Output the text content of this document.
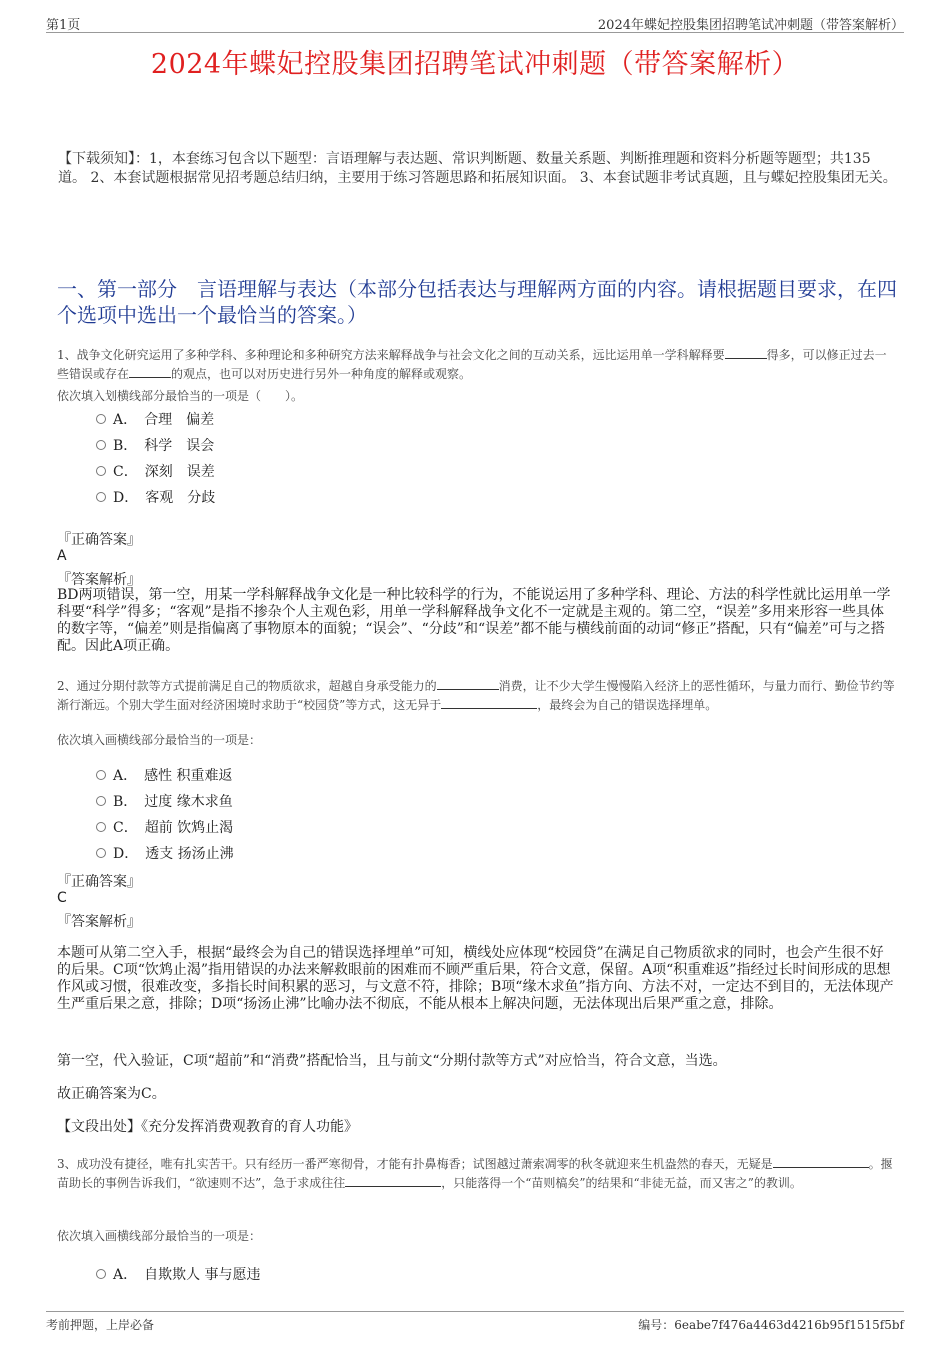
第1页	2024年蝶妃控股集团招聘笔试冲刺题（带答案解析）
2024年蝶妃控股集团招聘笔试冲刺题（带答案解析）
【下载须知】：1，本套练习包含以下题型：言语理解与表达题、常识判断题、数量关系题、判断推理题和资料分析题等题型；共135道。 2、本套试题根据常见招考题总结归纳，主要用于练习答题思路和拓展知识面。 3、本套试题非考试真题，且与蝶妃控股集团无关。
一、第一部分　言语理解与表达（本部分包括表达与理解两方面的内容。请根据题目要求，在四个选项中选出一个最恰当的答案。）
1、战争文化研究运用了多种学科、多种理论和多种研究方法来解释战争与社会文化之间的互动关系，远比运用单一学科解释要	得多，可以修正过去一些错误或存在	的观点，也可以对历史进行另外一种角度的解释或观察。
依次填入划横线部分最恰当的一项是（　　）。
A．　合理　偏差
B．　科学　误会
C．　深刻　误差
D．　客观　分歧
『正确答案』
A
『答案解析』
BD两项错误，第一空，用某一学科解释战争文化是一种比较科学的行为，不能说运用了多种学科、理论、方法的科学性就比运用单一学科要“科学”得多；“客观”是指不掺杂个人主观色彩，用单一学科解释战争文化不一定就是主观的。第二空，“误差”多用来形容一些具体的数字等，“偏差”则是指偏离了事物原本的面貌；“误会”、“分歧”和“误差”都不能与横线前面的动词“修正”搭配，只有“偏差”可与之搭配。因此A项正确。
2、通过分期付款等方式提前满足自己的物质欲求，超越自身承受能力的	消费，让不少大学生慢慢陷入经济上的恶性循环，与量力而行、勤俭节约等渐行渐远。个别大学生面对经济困境时求助于“校园贷”等方式，这无异于	，最终会为自己的错误选择埋单。
依次填入画横线部分最恰当的一项是：
A．　感性 积重难返
B．　过度 缘木求鱼
C．　超前 饮鸩止渴
D．　透支 扬汤止沸
『正确答案』
C
『答案解析』
本题可从第二空入手，根据“最终会为自己的错误选择埋单”可知，横线处应体现“校园贷”在满足自己物质欲求的同时，也会产生很不好的后果。C项“饮鸩止渴”指用错误的办法来解救眼前的困难而不顾严重后果，符合文意，保留。A项“积重难返”指经过长时间形成的思想作风或习惯，很难改变，多指长时间积累的恶习，与文意不符，排除；B项“缘木求鱼”指方向、方法不对，一定达不到目的，无法体现产生严重后果之意，排除；D项“扬汤止沸”比喻办法不彻底，不能从根本上解决问题，无法体现出后果严重之意，排除。
第一空，代入验证，C项“超前”和“消费”搭配恰当，且与前文“分期付款等方式”对应恰当，符合文意，当选。
故正确答案为C。
【文段出处】《充分发挥消费观教育的育人功能》
3、成功没有捷径，唯有扎实苦干。只有经历一番严寒彻骨，才能有扑鼻梅香；试图越过萧索凋零的秋冬就迎来生机盎然的春天，无疑是	。揠苗助长的事例告诉我们，“欲速则不达”，急于求成往往	，只能落得一个“苗则槁矣”的结果和“非徒无益，而又害之”的教训。
依次填入画横线部分最恰当的一项是：
A．　自欺欺人 事与愿违
考前押题，上岸必备	编号：6eabe7f476a4463d4216b95f1515f5bf
